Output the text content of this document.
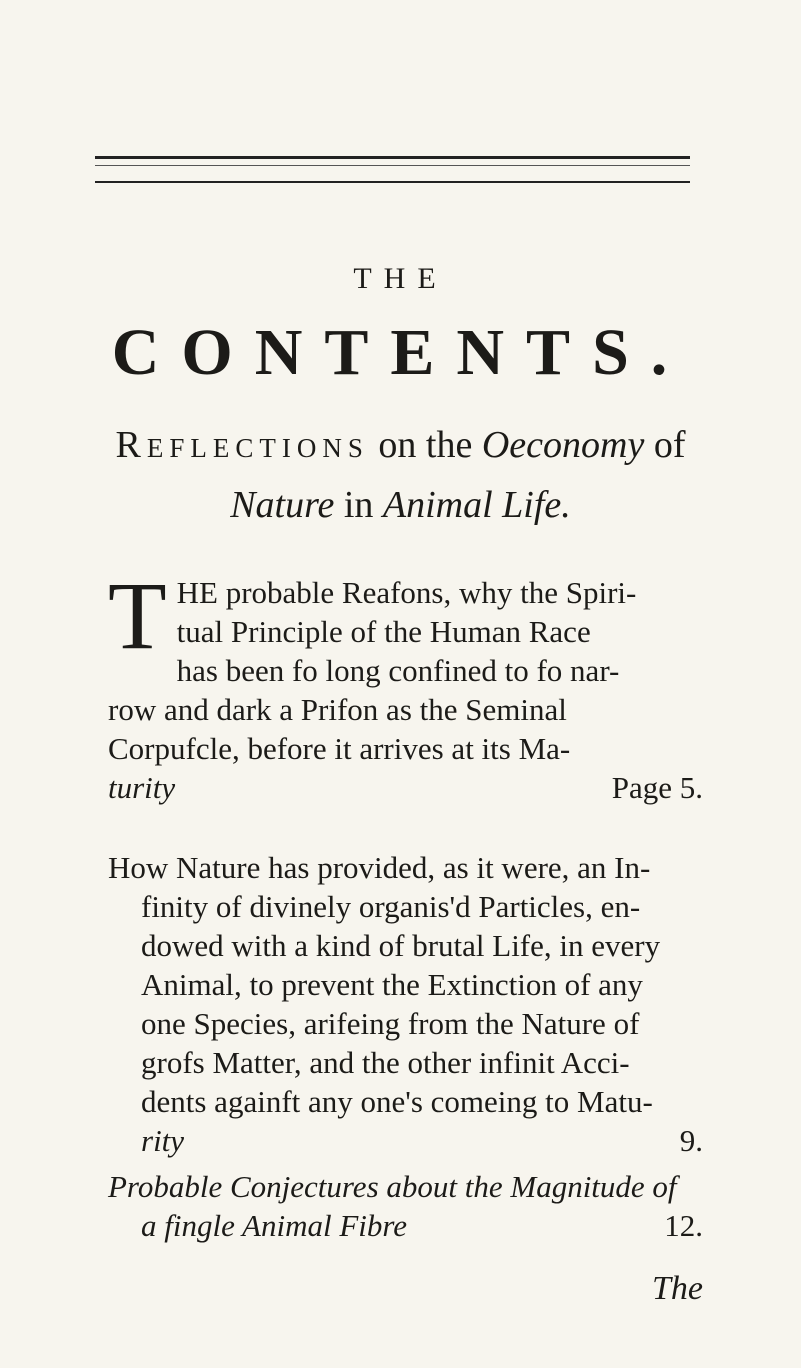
THE
CONTENTS.
Reflections on the Oeconomy of
Nature in Animal Life.
T HE probable Reafons, why the Spiri-
tual Principle of the Human Race
has been fo long confined to fo nar-
row and dark a Prifon as the Seminal
Corpufcle, before it arrives at its Ma-
turity	Page 5.
How Nature has provided, as it were, an In-
finity of divinely organis'd Particles, en-
dowed with a kind of brutal Life, in every
Animal, to prevent the Extinction of any
one Species, arifeing from the Nature of
grofs Matter, and the other infinit Acci-
dents againft any one's comeing to Matu-
rity	9.
Probable Conjectures about the Magnitude of
a fingle Animal Fibre	12.
The
